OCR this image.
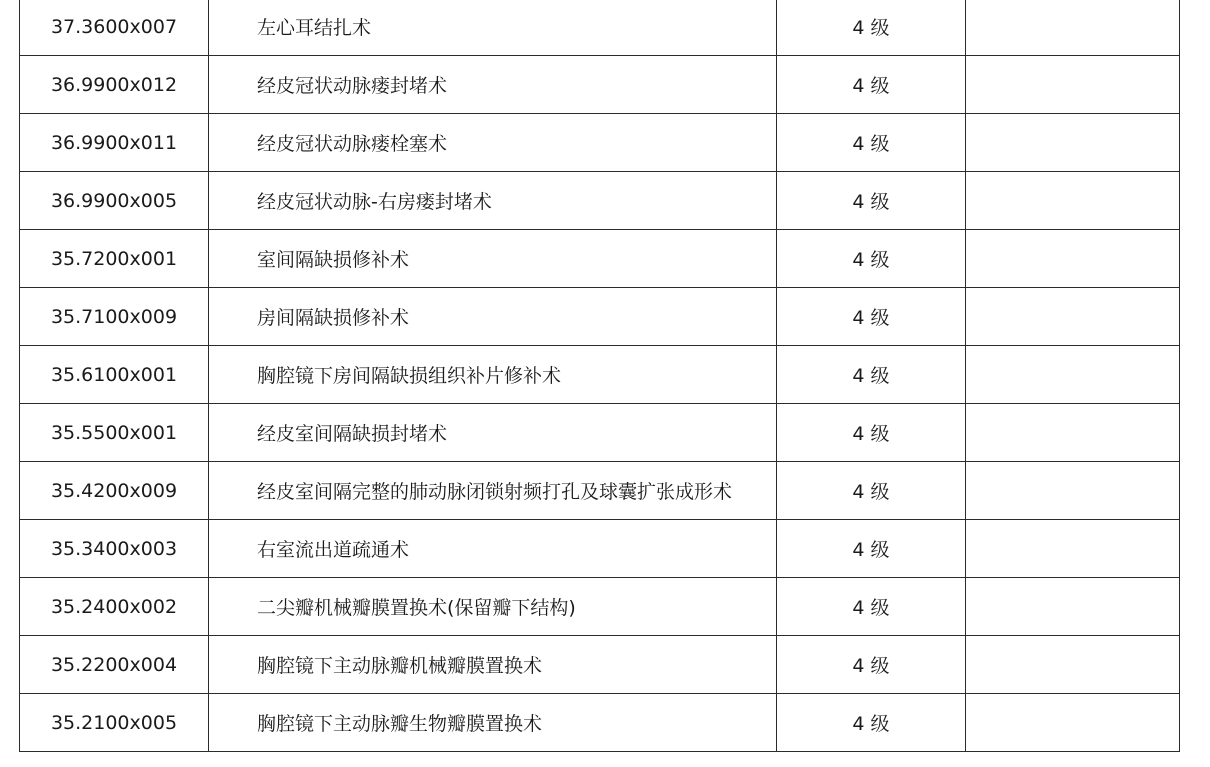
37.3600x007	左心耳结扎术	4 级	
36.9900x012	经皮冠状动脉瘘封堵术	4 级	
36.9900x011	经皮冠状动脉瘘栓塞术	4 级	
36.9900x005	经皮冠状动脉-右房瘘封堵术	4 级	
35.7200x001	室间隔缺损修补术	4 级	
35.7100x009	房间隔缺损修补术	4 级	
35.6100x001	胸腔镜下房间隔缺损组织补片修补术	4 级	
35.5500x001	经皮室间隔缺损封堵术	4 级	
35.4200x009	经皮室间隔完整的肺动脉闭锁射频打孔及球囊扩张成形术	4 级	
35.3400x003	右室流出道疏通术	4 级	
35.2400x002	二尖瓣机械瓣膜置换术(保留瓣下结构)	4 级	
35.2200x004	胸腔镜下主动脉瓣机械瓣膜置换术	4 级	
35.2100x005	胸腔镜下主动脉瓣生物瓣膜置换术	4 级	
